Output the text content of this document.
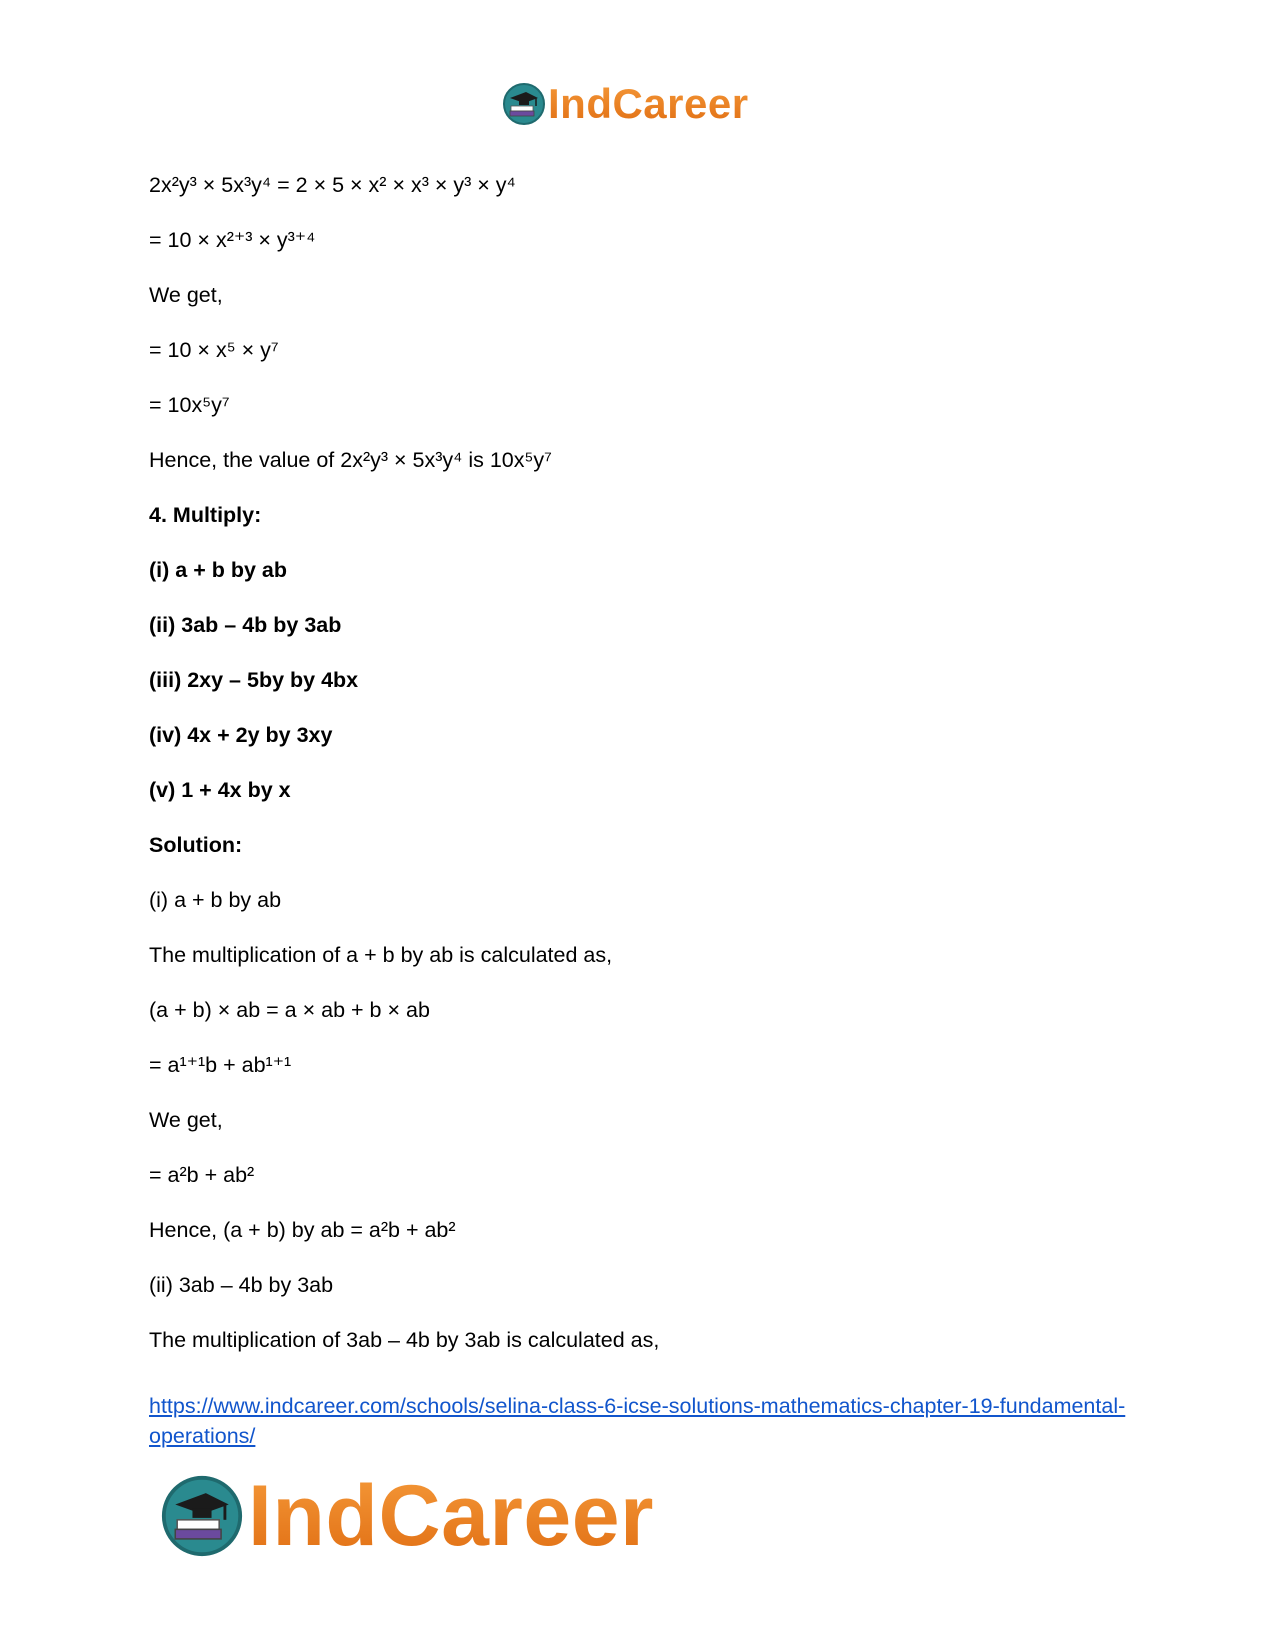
IndCareer
2x²y³ × 5x³y⁴ = 2 × 5 × x² × x³ × y³ × y⁴
= 10 × x²⁺³ × y³⁺⁴
We get,
= 10 × x⁵ × y⁷
= 10x⁵y⁷
Hence, the value of 2x²y³ × 5x³y⁴ is 10x⁵y⁷
4. Multiply:
(i) a + b by ab
(ii) 3ab – 4b by 3ab
(iii) 2xy – 5by by 4bx
(iv) 4x + 2y by 3xy
(v) 1 + 4x by x
Solution:
(i) a + b by ab
The multiplication of a + b by ab is calculated as,
(a + b) × ab = a × ab + b × ab
= a¹⁺¹b + ab¹⁺¹
We get,
= a²b + ab²
Hence, (a + b) by ab = a²b + ab²
(ii) 3ab – 4b by 3ab
The multiplication of 3ab – 4b by 3ab is calculated as,
https://www.indcareer.com/schools/selina-class-6-icse-solutions-mathematics-chapter-19-fundamental-operations/
IndCareer
